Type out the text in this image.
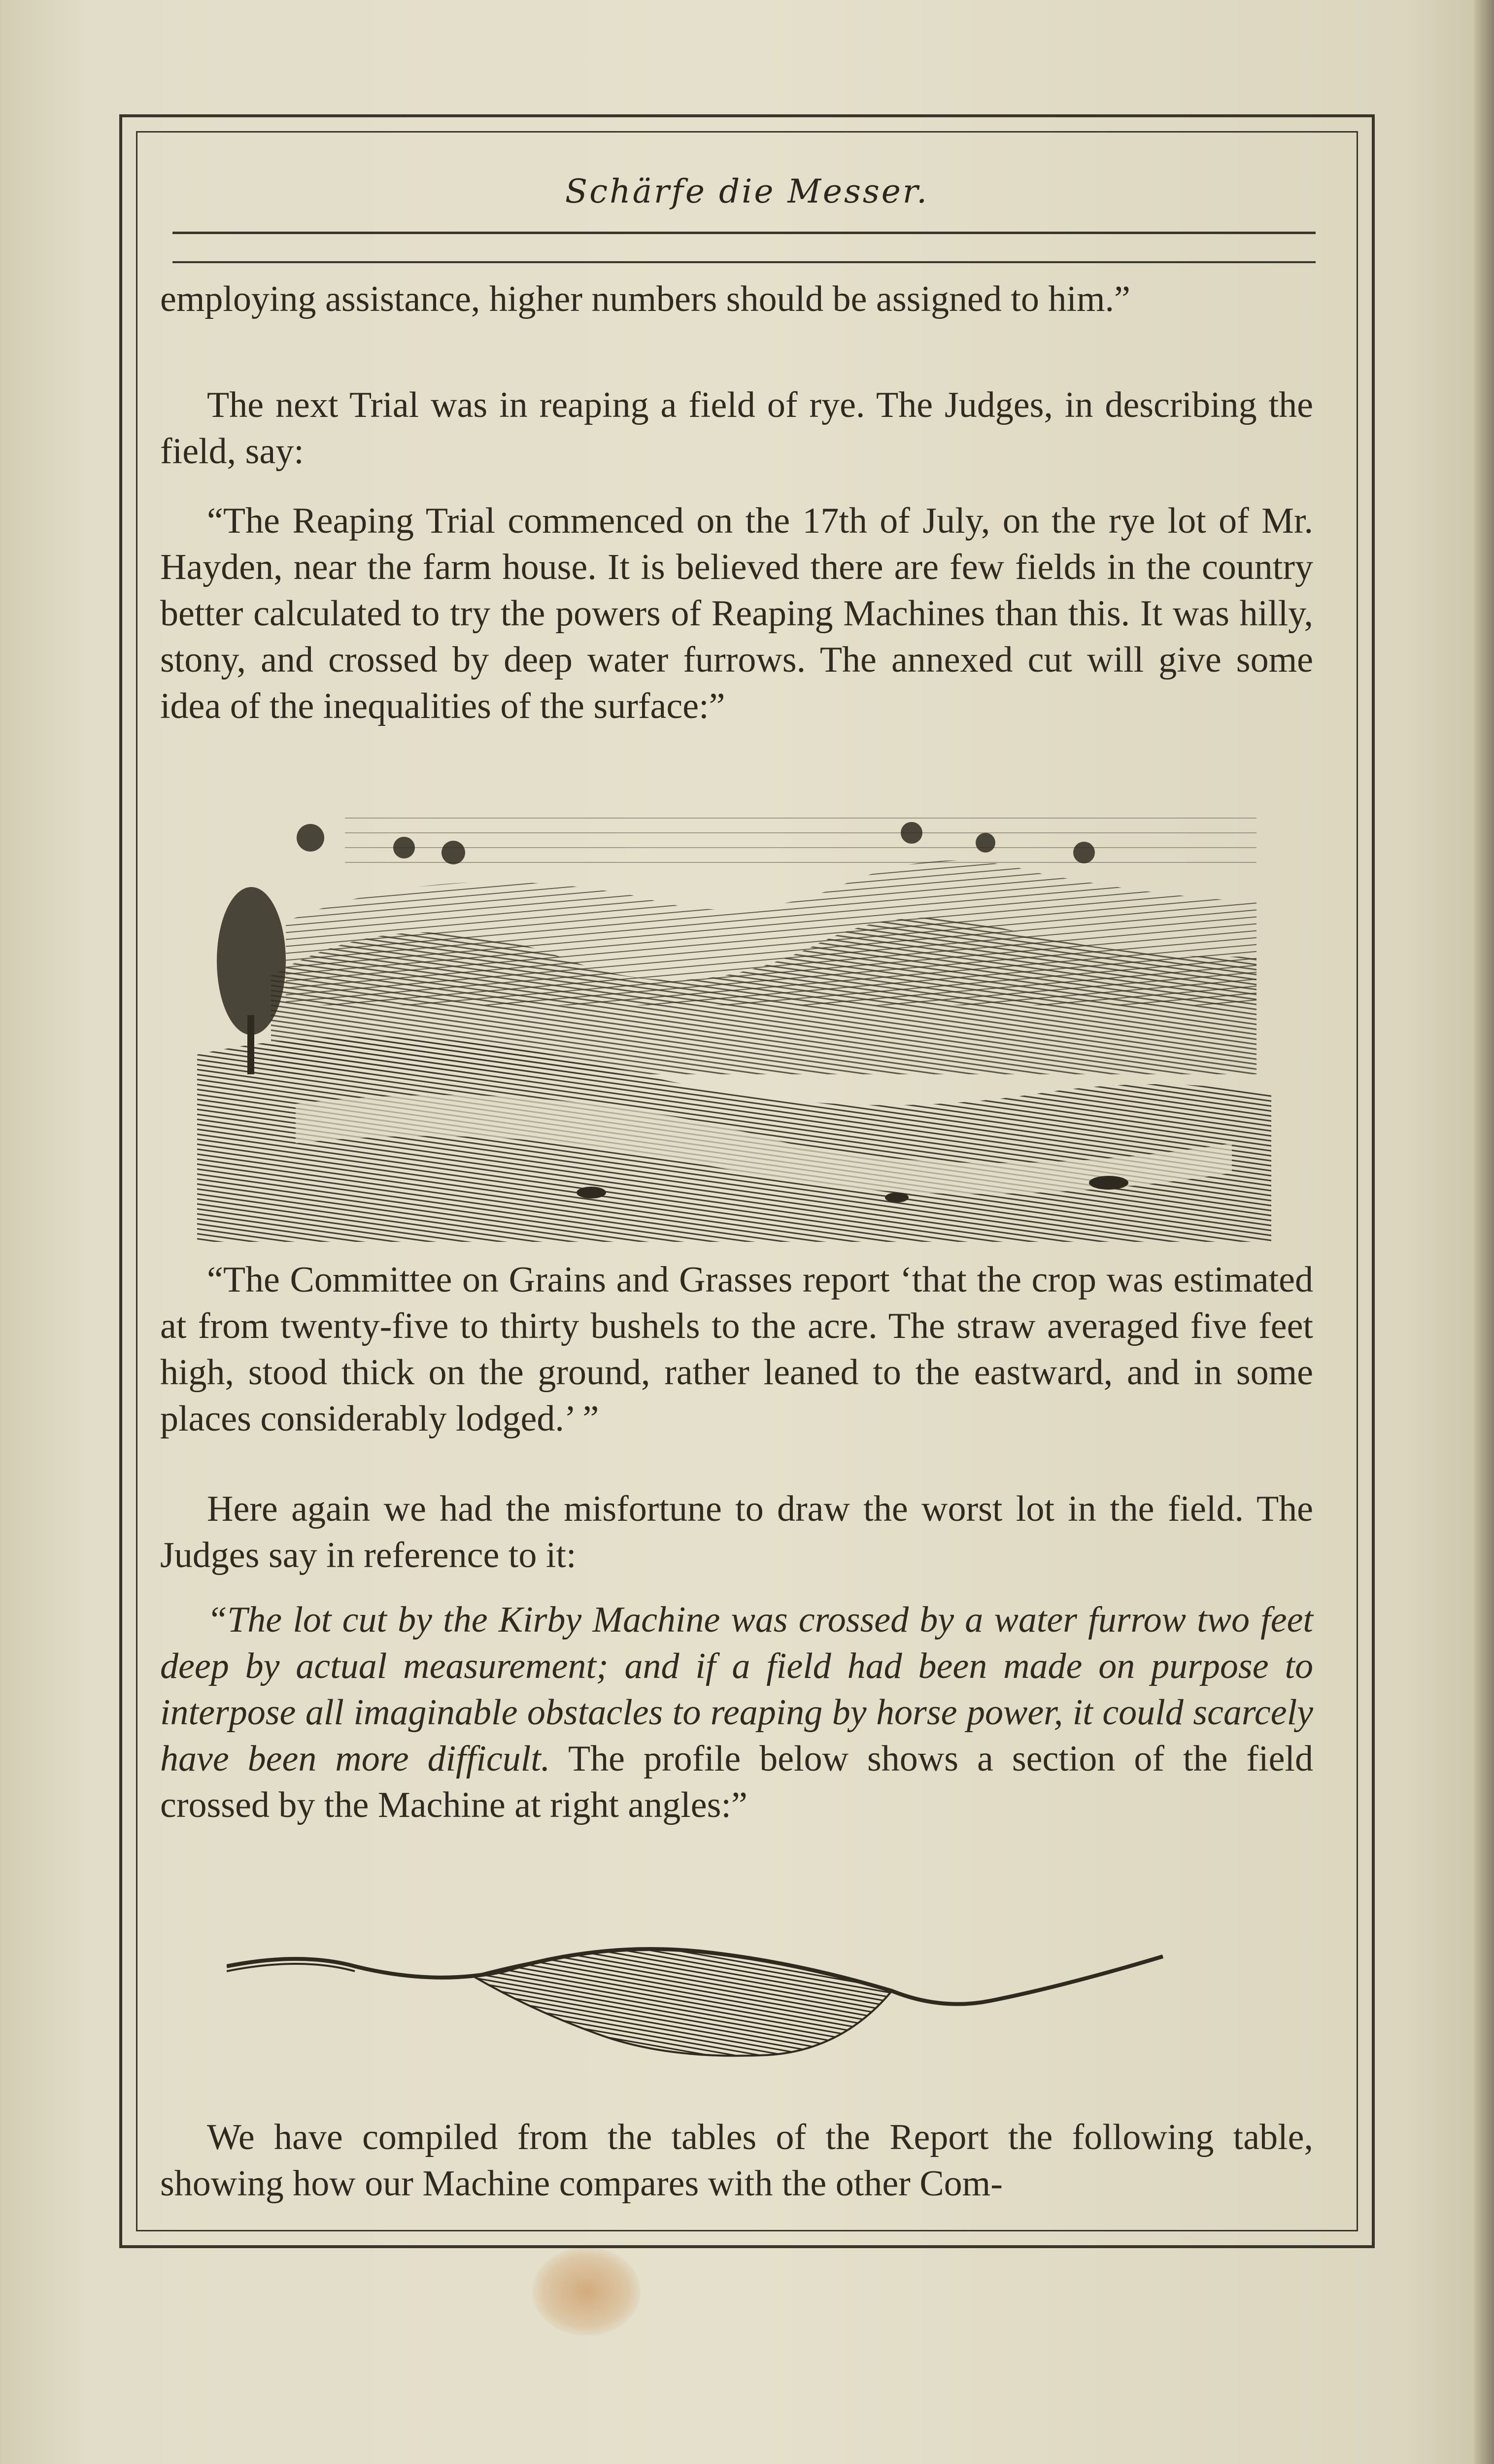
Schärfe die Messer.

employing assistance, higher numbers should be assigned to him.”

The next Trial was in reaping a field of rye. The Judges, in describing the field, say:

“The Reaping Trial commenced on the 17th of July, on the rye lot of Mr. Hayden, near the farm house. It is believed there are few fields in the country better calculated to try the powers of Reaping Machines than this. It was hilly, stony, and crossed by deep water furrows. The annexed cut will give some idea of the inequalities of the surface:”

“The Committee on Grains and Grasses report ‘that the crop was estimated at from twenty-five to thirty bushels to the acre. The straw averaged five feet high, stood thick on the ground, rather leaned to the eastward, and in some places considerably lodged.’ ”

Here again we had the misfortune to draw the worst lot in the field. The Judges say in reference to it:

“The lot cut by the Kirby Machine was crossed by a water furrow two feet deep by actual measurement; and if a field had been made on purpose to interpose all imaginable obstacles to reaping by horse power, it could scarcely have been more difficult. The profile below shows a section of the field crossed by the Machine at right angles:”

We have compiled from the tables of the Report the following table, showing how our Machine compares with the other Com-
